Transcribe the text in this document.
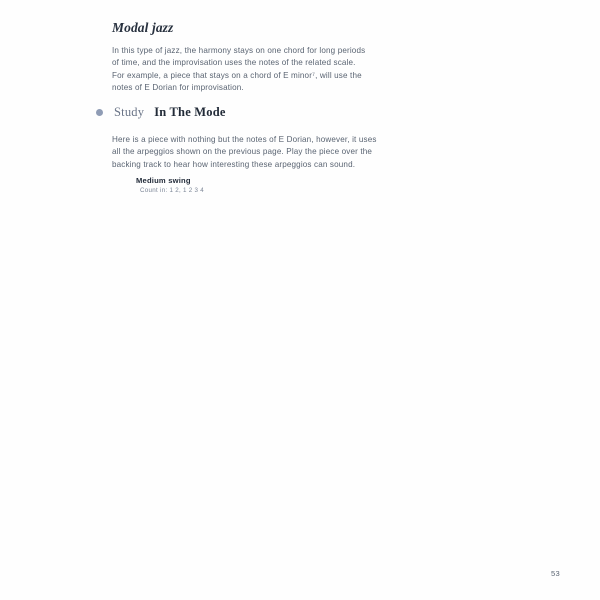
Modal jazz

In this type of jazz, the harmony stays on one chord for long periods of time, and the improvisation uses the notes of the related scale. For example, a piece that stays on a chord of E minor⁷, will use the notes of E Dorian for improvisation.

Study In The Mode

Here is a piece with nothing but the notes of E Dorian, however, it uses all the arpeggios shown on the previous page. Play the piece over the backing track to hear how interesting these arpeggios can sound.

Medium swing
Count in: 1 2, 1 2 3 4
53
